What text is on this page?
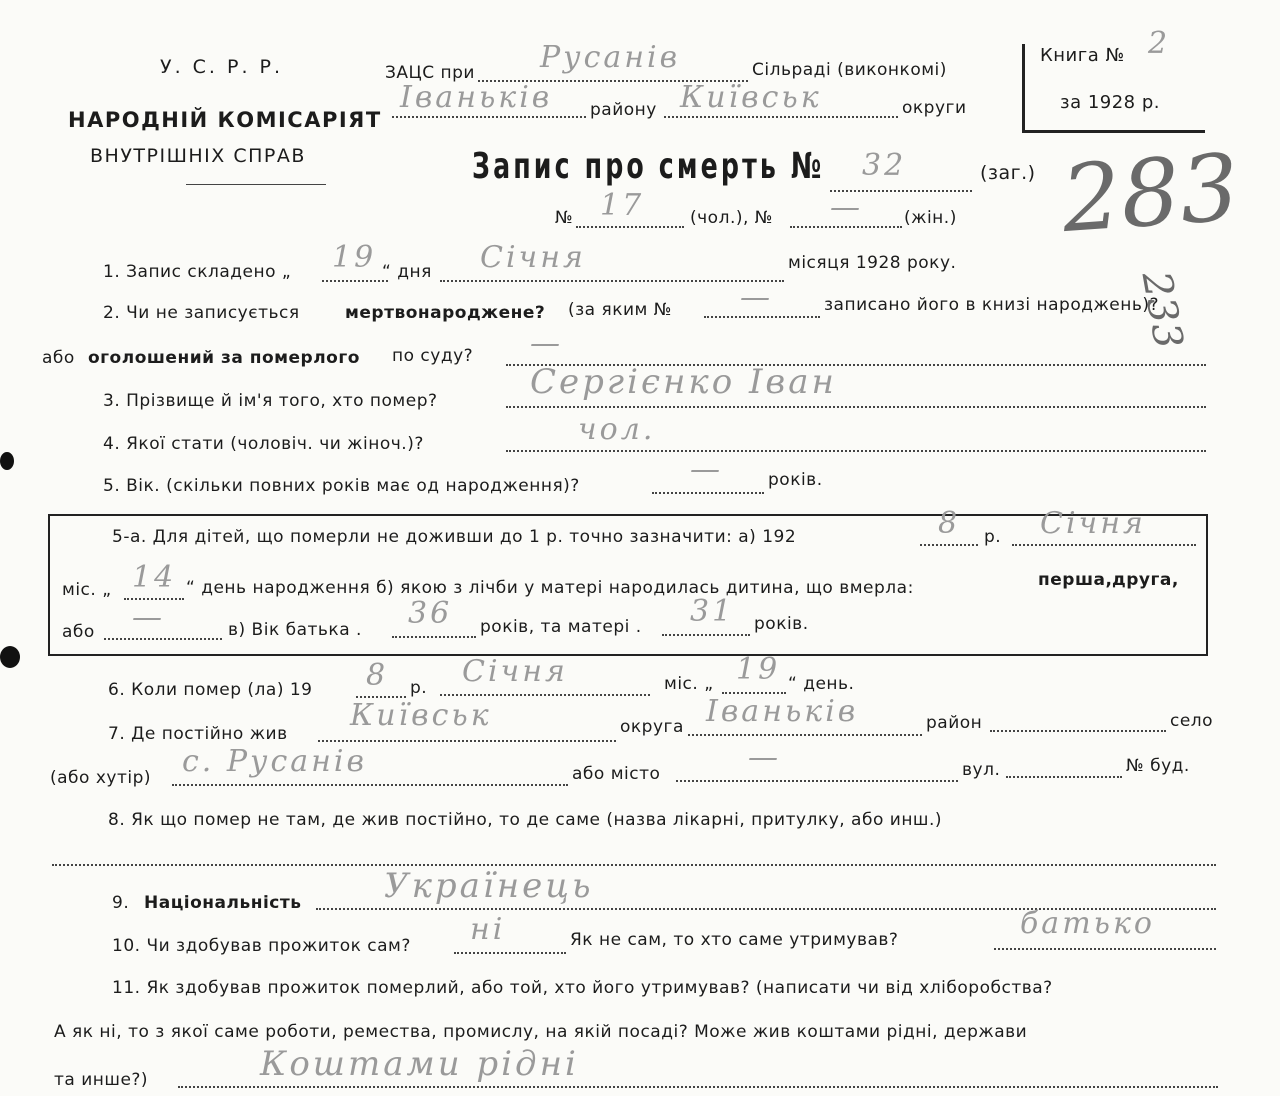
У. С. Р. Р.
НАРОДНІЙ КОМІСАРІЯТ
ВНУТРІШНІХ СПРАВ
ЗАЦС при Русанів	Сільраді (виконкомі)
Іваньків району Київськ	округи
Книга № 2
за 1928 р.
Запис про смерть № 32	(заг.)
№ 17	(чол.), № — (жін.) 283
233
1. Запис складено „ 19 “ дня Січня	місяця 1928 року.
2. Чи не записується	мертвонароджене? (за яким № —	записано його в книзі народжень)?
або оголошений за померлого по суду? —
3. Прізвище й ім'я того, хто помер?	Сергієнко Іван
4. Якої стати (чоловіч. чи жіноч.)?	чол.
5. Вік. (скільки повних років має од народження)?	—	років.
5-а. Для дітей, що померли не доживши до 1 р. точно зазначити: а) 192	8 р. Січня
міс. „ 14 “ день народження б) якою з лічби у матері народилась дитина, що вмерла:	перша, друга,
або —	в) Вік батька . 36 років, та матері . 31 років.
6. Коли помер (ла) 19 8 р. Січня	міс. „ 19 “ день.
7. Де постійно жив
Київськ	округа Іваньків	район	село
(або хутір) с. Русанів	або місто	—	вул.	№ буд.
8. Як що помер не там, де жив постійно, то де саме (назва лікарні, притулку, або инш.)
9. Національність Українець
10. Чи здобував прожиток сам? ні	Як не сам, то хто саме утримував?	батько
11. Як здобував прожиток померлий, або той, хто його утримував? (написати чи від хліборобства?
А як ні, то з якої саме роботи, ремества, промислу, на якій посаді? Може жив коштами рідні, держави
та инше?)	Коштами рідні
